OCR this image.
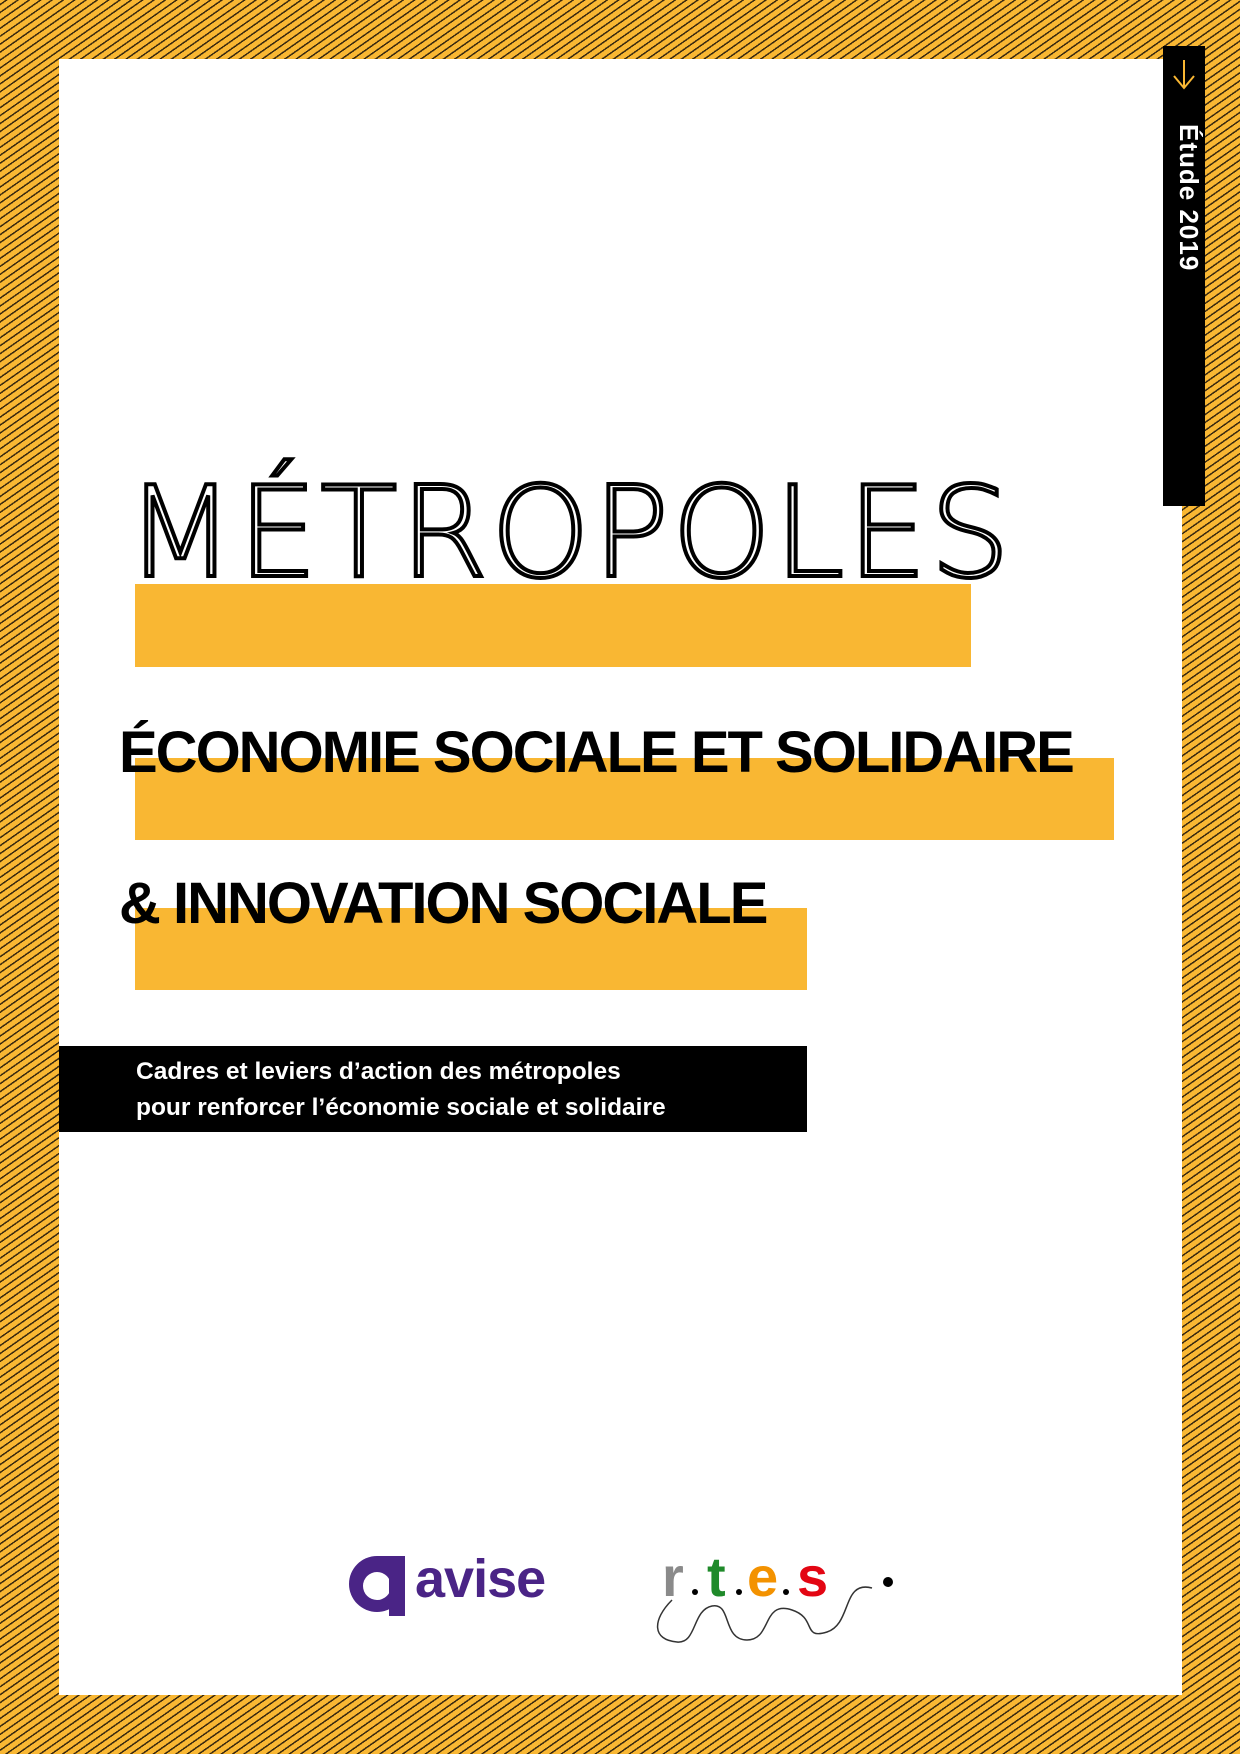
Étude 2019
MÉTROPOLES
ÉCONOMIE SOCIALE ET SOLIDAIRE
& INNOVATION SOCIALE

Cadres et leviers d’action des métropoles

pour renforcer l’économie sociale et solidaire

avise r t e s
